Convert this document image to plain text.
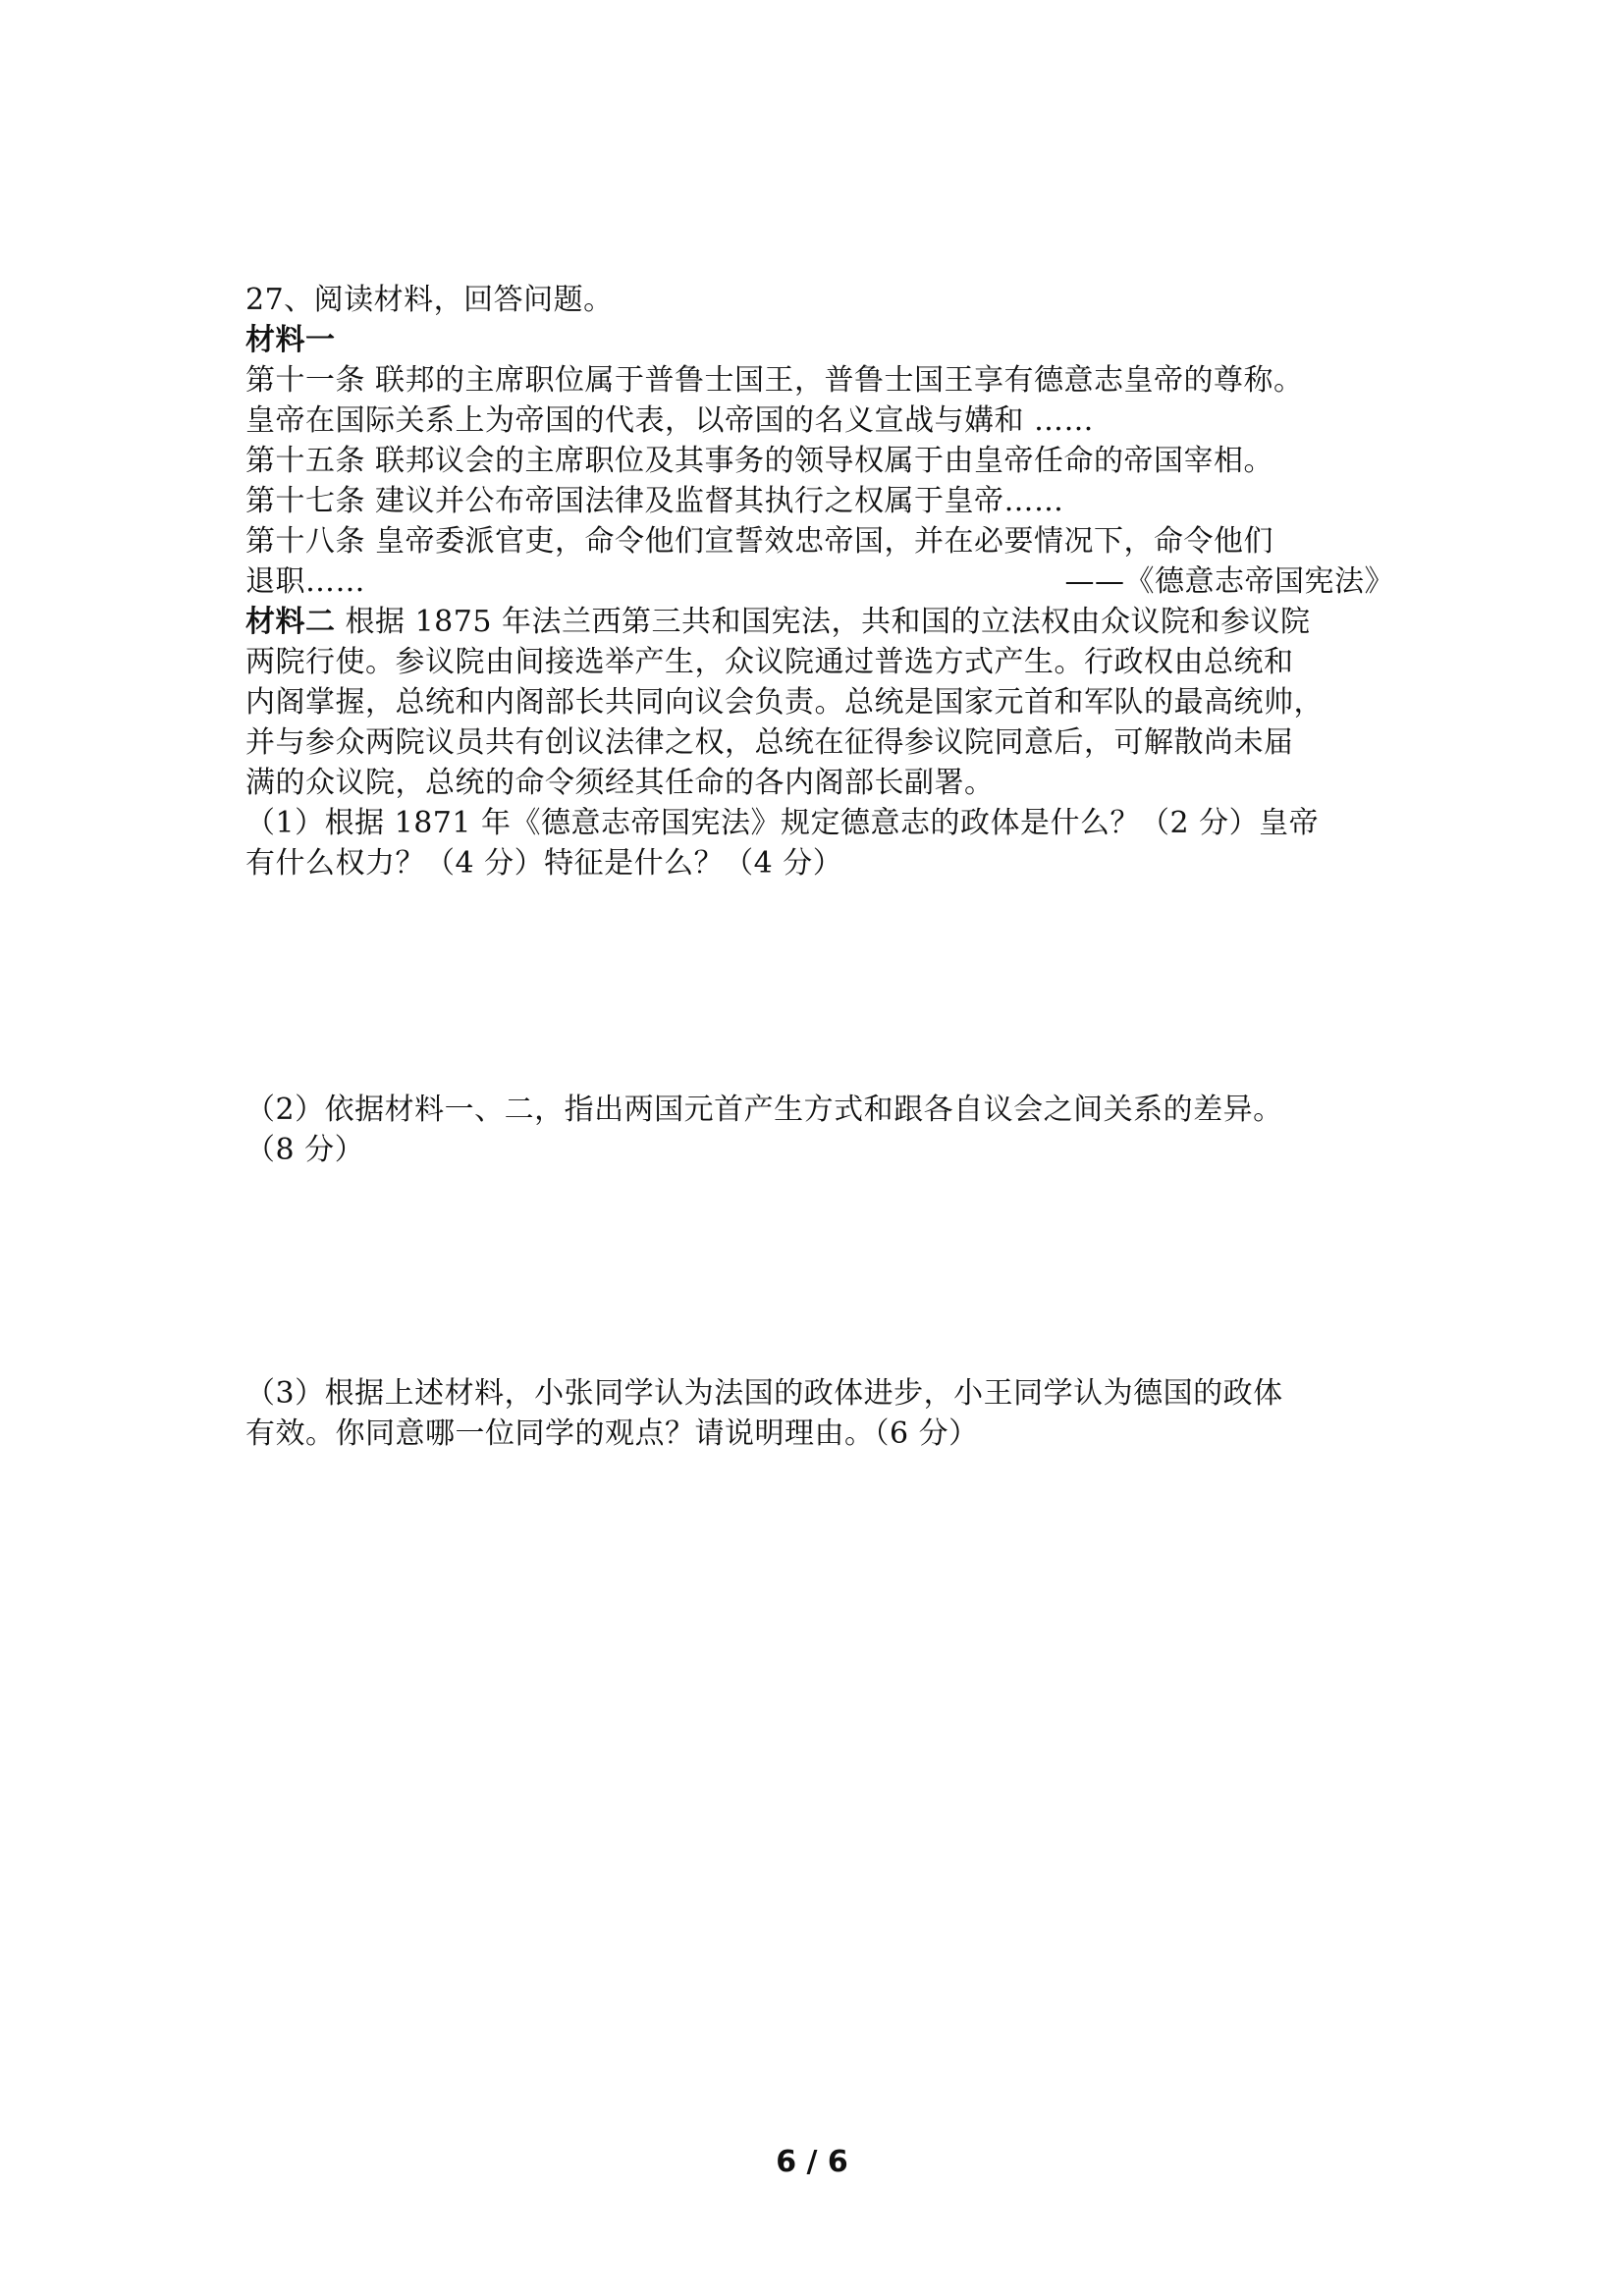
27、阅读材料，回答问题。
材料一
第十一条 联邦的主席职位属于普鲁士国王，普鲁士国王享有德意志皇帝的尊称。
皇帝在国际关系上为帝国的代表，以帝国的名义宣战与媾和 ……
第十五条 联邦议会的主席职位及其事务的领导权属于由皇帝任命的帝国宰相。
第十七条 建议并公布帝国法律及监督其执行之权属于皇帝……
第十八条 皇帝委派官吏，命令他们宣誓效忠帝国，并在必要情况下，命令他们
退职……	——《德意志帝国宪法》
材料二 根据 1875 年法兰西第三共和国宪法，共和国的立法权由众议院和参议院
两院行使。参议院由间接选举产生，众议院通过普选方式产生。行政权由总统和
内阁掌握，总统和内阁部长共同向议会负责。总统是国家元首和军队的最高统帅，
并与参众两院议员共有创议法律之权，总统在征得参议院同意后，可解散尚未届
满的众议院，总统的命令须经其任命的各内阁部长副署。
（1）根据 1871 年《德意志帝国宪法》规定德意志的政体是什么？（2 分）皇帝
有什么权力？（4 分）特征是什么？（4 分）
（2）依据材料一、二，指出两国元首产生方式和跟各自议会之间关系的差异。
（8 分）
（3）根据上述材料，小张同学认为法国的政体进步，小王同学认为德国的政体
有效。你同意哪一位同学的观点？请说明理由。（6 分）
6 / 6
